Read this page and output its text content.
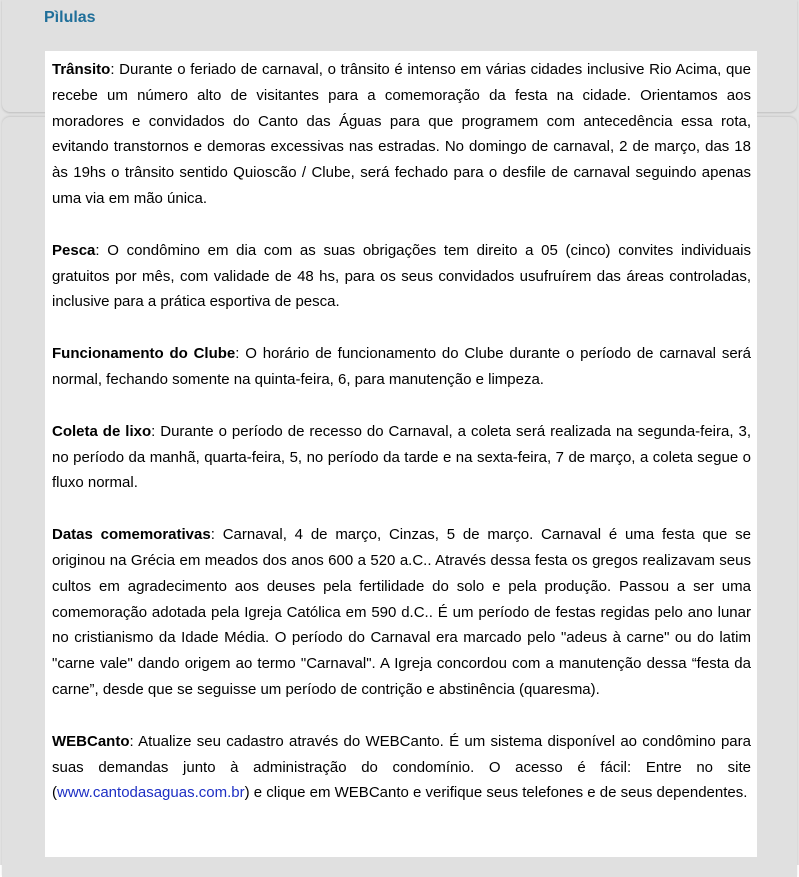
Pìlulas

Trânsito: Durante o feriado de carnaval, o trânsito é intenso em várias cidades inclusive Rio Acima, que recebe um número alto de visitantes para a comemoração da festa na cidade. Orientamos aos moradores e convidados do Canto das Águas para que programem com antecedência essa rota, evitando transtornos e demoras excessivas nas estradas. No domingo de carnaval, 2 de março, das 18 às 19hs o trânsito sentido Quioscão / Clube, será fechado para o desfile de carnaval seguindo apenas uma via em mão única.

Pesca: O condômino em dia com as suas obrigações tem direito a 05 (cinco) convites individuais gratuitos por mês, com validade de 48 hs, para os seus convidados usufruírem das áreas controladas, inclusive para a prática esportiva de pesca.

Funcionamento do Clube: O horário de funcionamento do Clube durante o período de carnaval será normal, fechando somente na quinta-feira, 6, para manutenção e limpeza.

Coleta de lixo: Durante o período de recesso do Carnaval, a coleta será realizada na segunda-feira, 3, no período da manhã, quarta-feira, 5, no período da tarde e na sexta-feira, 7 de março, a coleta segue o fluxo normal.

Datas comemorativas: Carnaval, 4 de março, Cinzas, 5 de março. Carnaval é uma festa que se originou na Grécia em meados dos anos 600 a 520 a.C.. Através dessa festa os gregos realizavam seus cultos em agradecimento aos deuses pela fertilidade do solo e pela produção. Passou a ser uma comemoração adotada pela Igreja Católica em 590 d.C.. É um período de festas regidas pelo ano lunar no cristianismo da Idade Média. O período do Carnaval era marcado pelo "adeus à carne" ou do latim "carne vale" dando origem ao termo "Carnaval". A Igreja concordou com a manutenção dessa “festa da carne”, desde que se seguisse um período de contrição e abstinência (quaresma).

WEBCanto: Atualize seu cadastro através do WEBCanto. É um sistema disponível ao condômino para suas demandas junto à administração do condomínio. O acesso é fácil: Entre no site (www.cantodasaguas.com.br) e clique em WEBCanto e verifique seus telefones e de seus dependentes.
